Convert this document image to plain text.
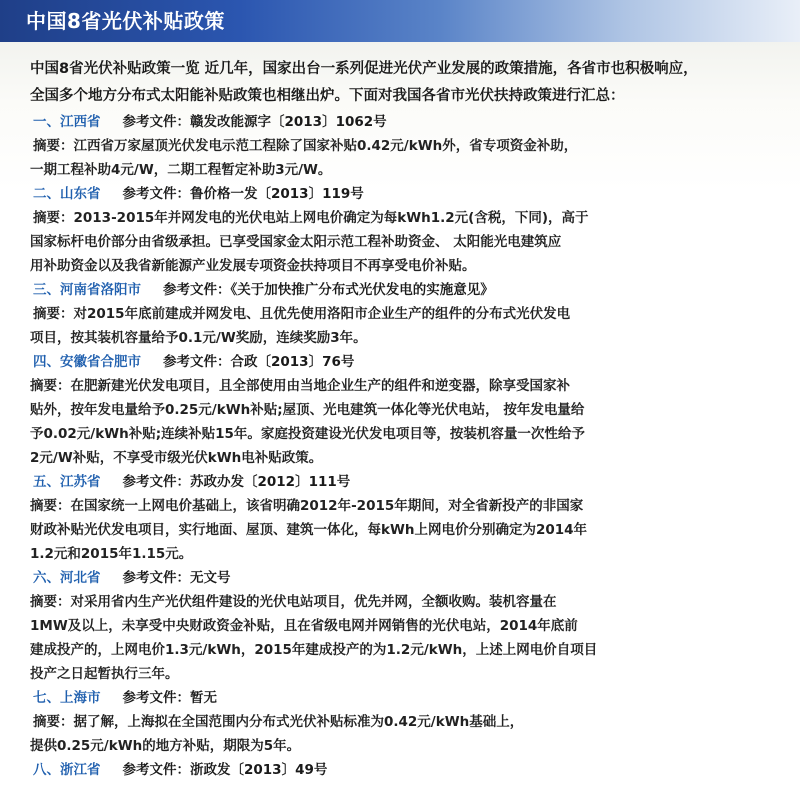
中国8省光伏补贴政策
中国8省光伏补贴政策一览 近几年，国家出台一系列促进光伏产业发展的政策措施，各省市也积极响应，
全国多个地方分布式太阳能补贴政策也相继出炉。下面对我国各省市光伏扶持政策进行汇总：
一、江西省 参考文件：赣发改能源字〔2013〕1062号
摘要：江西省万家屋顶光伏发电示范工程除了国家补贴0.42元/kWh外，省专项资金补助，
一期工程补助4元/W，二期工程暂定补助3元/W。
二、山东省 参考文件：鲁价格一发〔2013〕119号
摘要：2013-2015年并网发电的光伏电站上网电价确定为每kWh1.2元(含税，下同)，高于
国家标杆电价部分由省级承担。已享受国家金太阳示范工程补助资金、 太阳能光电建筑应
用补助资金以及我省新能源产业发展专项资金扶持项目不再享受电价补贴。
三、河南省洛阳市 参考文件：《关于加快推广分布式光伏发电的实施意见》
摘要：对2015年底前建成并网发电、且优先使用洛阳市企业生产的组件的分布式光伏发电
项目，按其装机容量给予0.1元/W奖励，连续奖励3年。
四、安徽省合肥市 参考文件：合政〔2013〕76号
摘要：在肥新建光伏发电项目，且全部使用由当地企业生产的组件和逆变器，除享受国家补
贴外，按年发电量给予0.25元/kWh补贴;屋顶、光电建筑一体化等光伏电站， 按年发电量给
予0.02元/kWh补贴;连续补贴15年。家庭投资建设光伏发电项目等，按装机容量一次性给予
2元/W补贴，不享受市级光伏kWh电补贴政策。
五、江苏省 参考文件：苏政办发〔2012〕111号
摘要：在国家统一上网电价基础上，该省明确2012年-2015年期间，对全省新投产的非国家
财政补贴光伏发电项目，实行地面、屋顶、建筑一体化，每kWh上网电价分别确定为2014年
1.2元和2015年1.15元。
六、河北省 参考文件：无文号
摘要：对采用省内生产光伏组件建设的光伏电站项目，优先并网，全额收购。装机容量在
1MW及以上，未享受中央财政资金补贴，且在省级电网并网销售的光伏电站，2014年底前
建成投产的，上网电价1.3元/kWh，2015年建成投产的为1.2元/kWh，上述上网电价自项目
投产之日起暂执行三年。
七、上海市 参考文件：暂无
摘要：据了解，上海拟在全国范围内分布式光伏补贴标准为0.42元/kWh基础上，
提供0.25元/kWh的地方补贴，期限为5年。
八、浙江省 参考文件：浙政发〔2013〕49号
